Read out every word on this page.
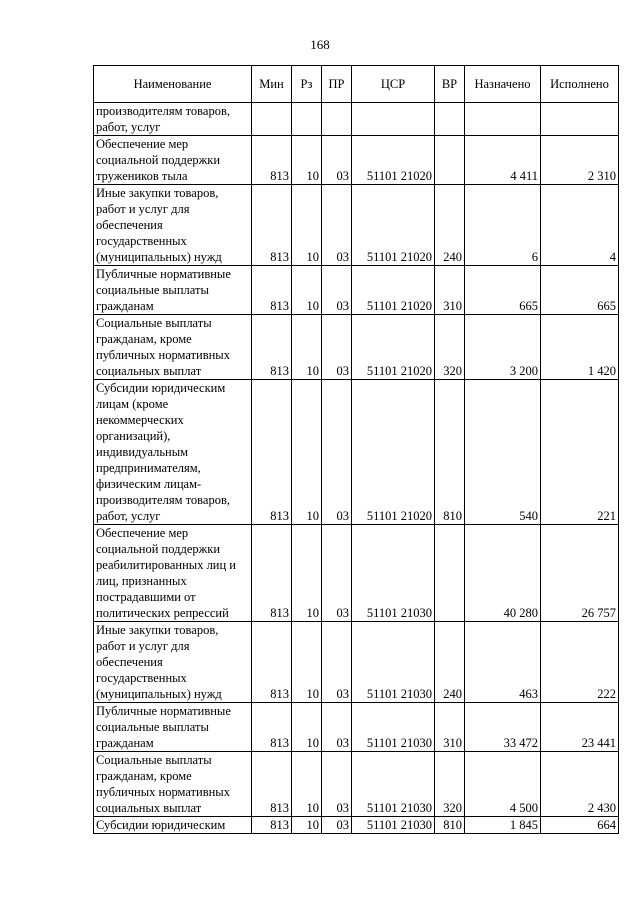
168
Наименование	Мин	Рз	ПР	ЦСР	ВР	Назначено	Исполнено
производителям товаров, работ, услуг							
Обеспечение мер социальной поддержки тружеников тыла	813	10	03	51101 21020		4 411	2 310
Иные закупки товаров, работ и услуг для обеспечения государственных (муниципальных) нужд	813	10	03	51101 21020	240	6	4
Публичные нормативные социальные выплаты гражданам	813	10	03	51101 21020	310	665	665
Социальные выплаты гражданам, кроме публичных нормативных социальных выплат	813	10	03	51101 21020	320	3 200	1 420
Субсидии юридическим лицам (кроме некоммерческих организаций), индивидуальным предпринимателям, физическим лицам-производителям товаров, работ, услуг	813	10	03	51101 21020	810	540	221
Обеспечение мер социальной поддержки реабилитированных лиц и лиц, признанных пострадавшими от политических репрессий	813	10	03	51101 21030		40 280	26 757
Иные закупки товаров, работ и услуг для обеспечения государственных (муниципальных) нужд	813	10	03	51101 21030	240	463	222
Публичные нормативные социальные выплаты гражданам	813	10	03	51101 21030	310	33 472	23 441
Социальные выплаты гражданам, кроме публичных нормативных социальных выплат	813	10	03	51101 21030	320	4 500	2 430
Субсидии юридическим	813	10	03	51101 21030	810	1 845	664
